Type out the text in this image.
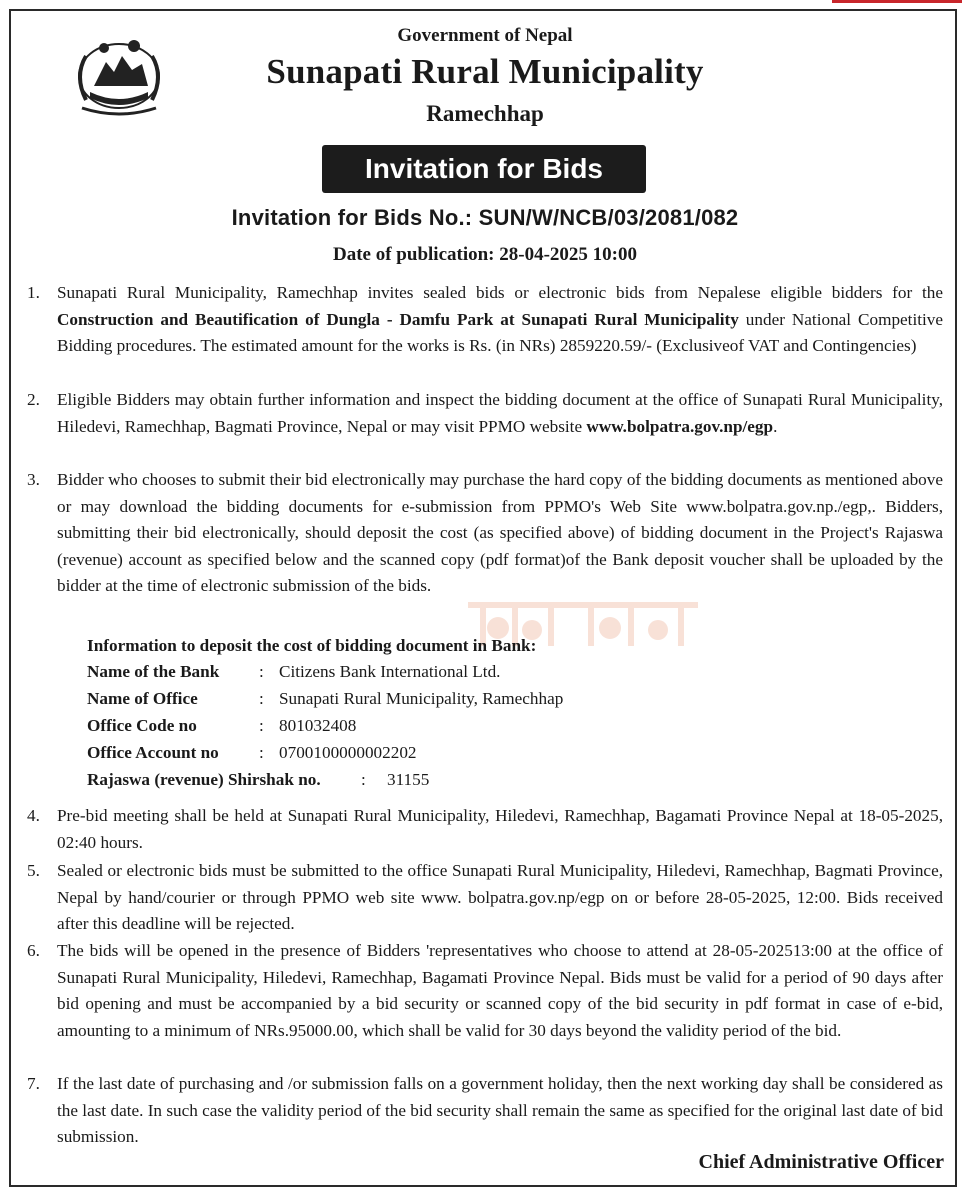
Government of Nepal
Sunapati Rural Municipality
Ramechhap
Invitation for Bids
Invitation for Bids No.: SUN/W/NCB/03/2081/082
Date of publication: 28-04-2025 10:00
1. Sunapati Rural Municipality, Ramechhap invites sealed bids or electronic bids from Nepalese eligible bidders for the Construction and Beautification of Dungla - Damfu Park at Sunapati Rural Municipality under National Competitive Bidding procedures. The estimated amount for the works is Rs. (in NRs) 2859220.59/- (Exclusiveof VAT and Contingencies)
2. Eligible Bidders may obtain further information and inspect the bidding document at the office of Sunapati Rural Municipality, Hiledevi, Ramechhap, Bagmati Province, Nepal or may visit PPMO website www.bolpatra.gov.np/egp.
3. Bidder who chooses to submit their bid electronically may purchase the hard copy of the bidding documents as mentioned above or may download the bidding documents for e-submission from PPMO's Web Site www.bolpatra.gov.np./egp,. Bidders, submitting their bid electronically, should deposit the cost (as specified above) of bidding document in the Project's Rajaswa (revenue) account as specified below and the scanned copy (pdf format)of the Bank deposit voucher shall be uploaded by the bidder at the time of electronic submission of the bids.
Information to deposit the cost of bidding document in Bank:
Name of the Bank : Citizens Bank International Ltd.
Name of Office	: Sunapati Rural Municipality, Ramechhap
Office Code no	: 801032408
Office Account no : 0700100000002202
Rajaswa (revenue) Shirshak no. : 31155
4. Pre-bid meeting shall be held at Sunapati Rural Municipality, Hiledevi, Ramechhap, Bagamati Province Nepal at 18-05-2025, 02:40 hours.
5. Sealed or electronic bids must be submitted to the office Sunapati Rural Municipality, Hiledevi, Ramechhap, Bagmati Province, Nepal by hand/courier or through PPMO web site www. bolpatra.gov.np/egp on or before 28-05-2025, 12:00. Bids received after this deadline will be rejected.
6. The bids will be opened in the presence of Bidders 'representatives who choose to attend at 28-05-202513:00 at the office of Sunapati Rural Municipality, Hiledevi, Ramechhap, Bagamati Province Nepal. Bids must be valid for a period of 90 days after bid opening and must be accompanied by a bid security or scanned copy of the bid security in pdf format in case of e-bid, amounting to a minimum of NRs.95000.00, which shall be valid for 30 days beyond the validity period of the bid.
7. If the last date of purchasing and /or submission falls on a government holiday, then the next working day shall be considered as the last date. In such case the validity period of the bid security shall remain the same as specified for the original last date of bid submission.
Chief Administrative Officer
